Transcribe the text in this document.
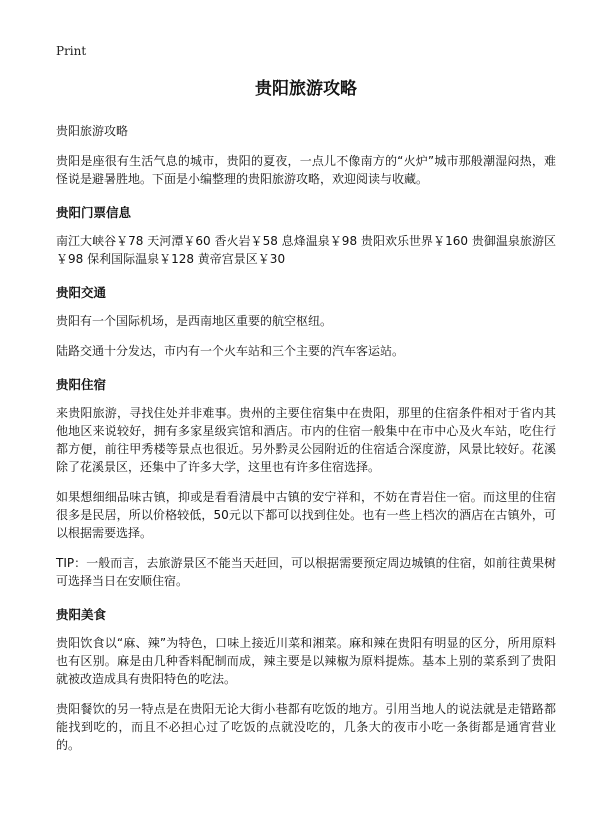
Print
贵阳旅游攻略
贵阳旅游攻略
贵阳是座很有生活气息的城市，贵阳的夏夜，一点儿不像南方的“火炉”城市那般潮湿闷热，难怪说是避暑胜地。下面是小编整理的贵阳旅游攻略，欢迎阅读与收藏。
贵阳门票信息
南江大峡谷￥78 天河潭￥60 香火岩￥58 息烽温泉￥98 贵阳欢乐世界￥160 贵御温泉旅游区￥98 保利国际温泉￥128 黄帝宫景区￥30
贵阳交通
贵阳有一个国际机场，是西南地区重要的航空枢纽。
陆路交通十分发达，市内有一个火车站和三个主要的汽车客运站。
贵阳住宿
来贵阳旅游，寻找住处并非难事。贵州的主要住宿集中在贵阳，那里的住宿条件相对于省内其他地区来说较好，拥有多家星级宾馆和酒店。市内的住宿一般集中在市中心及火车站，吃住行都方便，前往甲秀楼等景点也很近。另外黔灵公园附近的住宿适合深度游，风景比较好。花溪除了花溪景区，还集中了许多大学，这里也有许多住宿选择。
如果想细细品味古镇，抑或是看看清晨中古镇的安宁祥和，不妨在青岩住一宿。而这里的住宿很多是民居，所以价格较低，50元以下都可以找到住处。也有一些上档次的酒店在古镇外，可以根据需要选择。
TIP：一般而言，去旅游景区不能当天赶回，可以根据需要预定周边城镇的住宿，如前往黄果树可选择当日在安顺住宿。
贵阳美食
贵阳饮食以“麻、辣”为特色，口味上接近川菜和湘菜。麻和辣在贵阳有明显的区分，所用原料也有区别。麻是由几种香料配制而成，辣主要是以辣椒为原料提炼。基本上别的菜系到了贵阳就被改造成具有贵阳特色的吃法。
贵阳餐饮的另一特点是在贵阳无论大街小巷都有吃饭的地方。引用当地人的说法就是走错路都能找到吃的，而且不必担心过了吃饭的点就没吃的，几条大的夜市小吃一条街都是通宵营业的。
